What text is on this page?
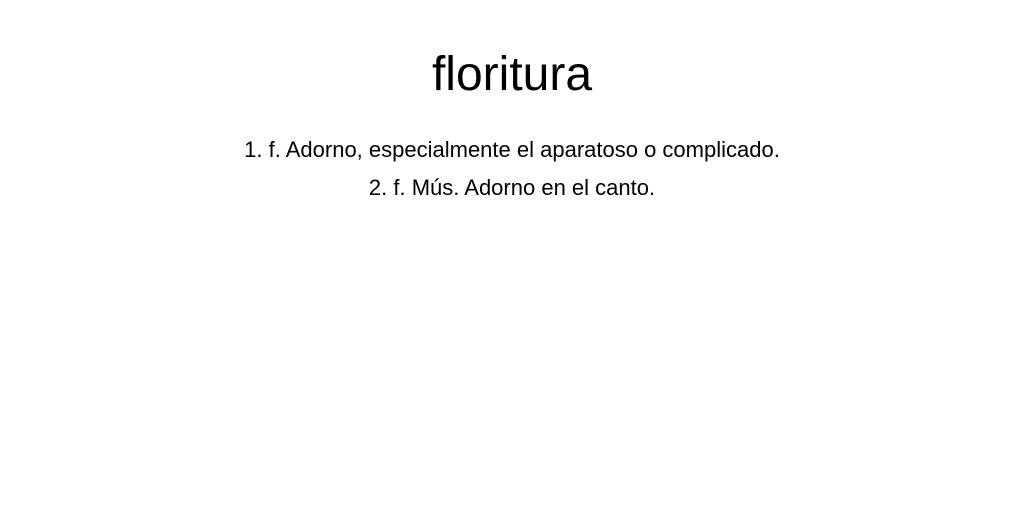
floritura
1. f. Adorno, especialmente el aparatoso o complicado.
2. f. Mús. Adorno en el canto.
